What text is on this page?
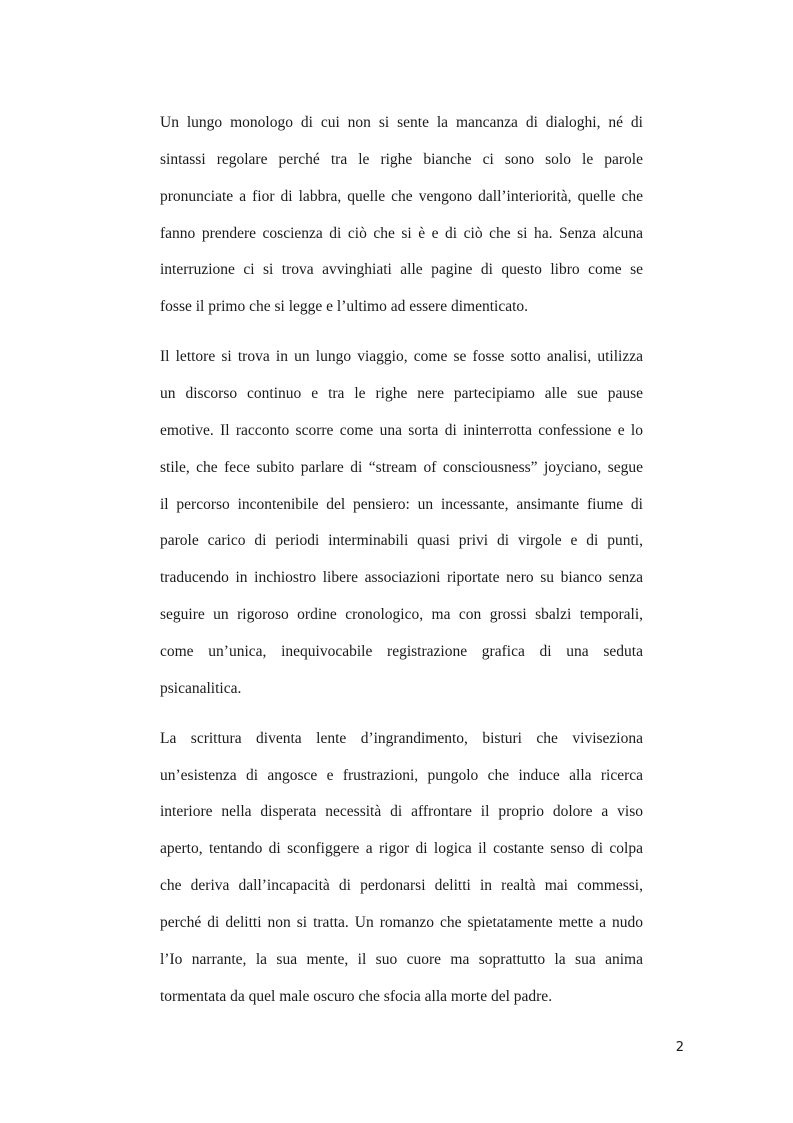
Un lungo monologo di cui non si sente la mancanza di dialoghi, né di
sintassi regolare perché tra le righe bianche ci sono solo le parole
pronunciate a fior di labbra, quelle che vengono dall’interiorità, quelle che
fanno prendere coscienza di ciò che si è e di ciò che si ha. Senza alcuna
interruzione ci si trova avvinghiati alle pagine di questo libro come se
fosse il primo che si legge e l’ultimo ad essere dimenticato.
Il lettore si trova in un lungo viaggio, come se fosse sotto analisi, utilizza
un discorso continuo e tra le righe nere partecipiamo alle sue pause
emotive. Il racconto scorre come una sorta di ininterrotta confessione e lo
stile, che fece subito parlare di “stream of consciousness” joyciano, segue
il percorso incontenibile del pensiero: un incessante, ansimante fiume di
parole carico di periodi interminabili quasi privi di virgole e di punti,
traducendo in inchiostro libere associazioni riportate nero su bianco senza
seguire un rigoroso ordine cronologico, ma con grossi sbalzi temporali,
come un’unica, inequivocabile registrazione grafica di una seduta
psicanalitica.
La scrittura diventa lente d’ingrandimento, bisturi che viviseziona
un’esistenza di angosce e frustrazioni, pungolo che induce alla ricerca
interiore nella disperata necessità di affrontare il proprio dolore a viso
aperto, tentando di sconfiggere a rigor di logica il costante senso di colpa
che deriva dall’incapacità di perdonarsi delitti in realtà mai commessi,
perché di delitti non si tratta. Un romanzo che spietatamente mette a nudo
l’Io narrante, la sua mente, il suo cuore ma soprattutto la sua anima
tormentata da quel male oscuro che sfocia alla morte del padre.
2
